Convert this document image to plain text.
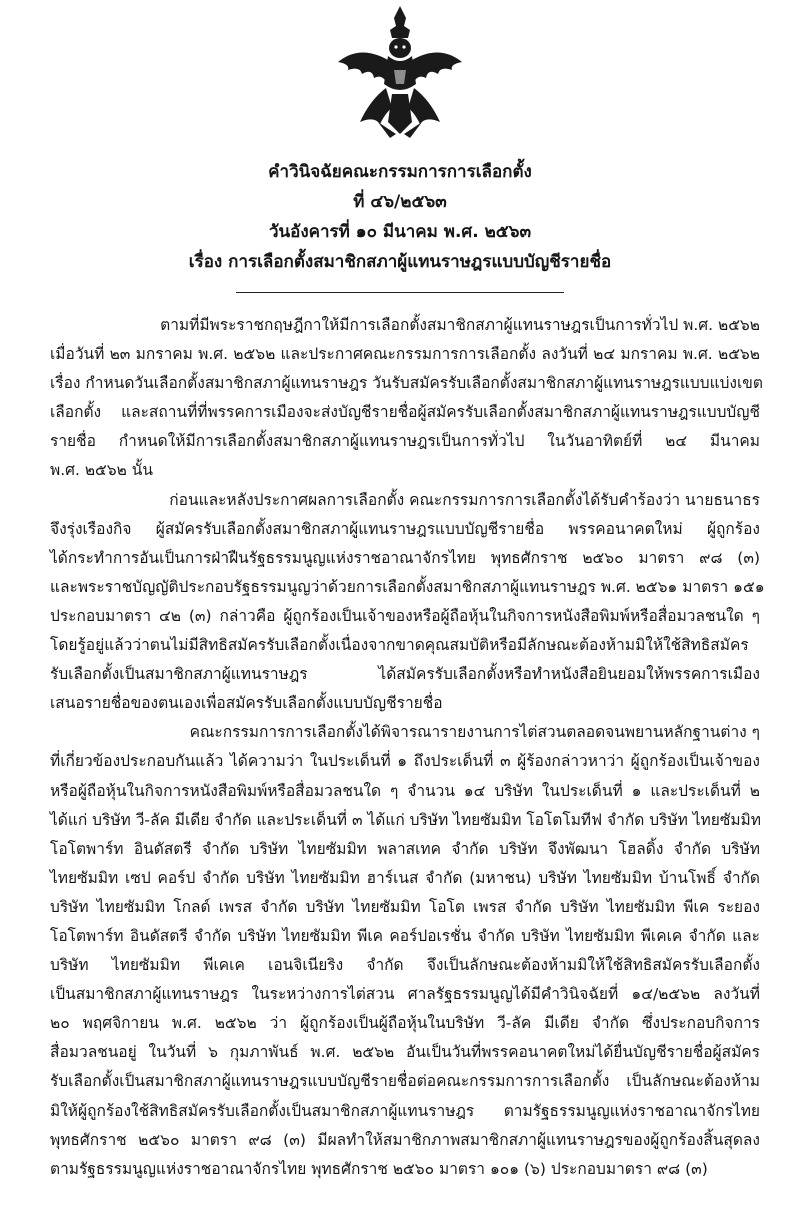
คำวินิจฉัยคณะกรรมการการเลือกตั้ง
ที่ ๔๖/๒๕๖๓
วันอังคารที่ ๑๐ มีนาคม พ.ศ. ๒๕๖๓
เรื่อง การเลือกตั้งสมาชิกสภาผู้แทนราษฎรแบบบัญชีรายชื่อ
ตามที่มีพระราชกฤษฎีกาให้มีการเลือกตั้งสมาชิกสภาผู้แทนราษฎรเป็นการทั่วไป พ.ศ. ๒๕๖๒
เมื่อวันที่ ๒๓ มกราคม พ.ศ. ๒๕๖๒ และประกาศคณะกรรมการการเลือกตั้ง ลงวันที่ ๒๔ มกราคม พ.ศ. ๒๕๖๒
เรื่อง กำหนดวันเลือกตั้งสมาชิกสภาผู้แทนราษฎร วันรับสมัครรับเลือกตั้งสมาชิกสภาผู้แทนราษฎรแบบแบ่งเขต
เลือกตั้ง และสถานที่ที่พรรคการเมืองจะส่งบัญชีรายชื่อผู้สมัครรับเลือกตั้งสมาชิกสภาผู้แทนราษฎรแบบบัญชี
รายชื่อ กำหนดให้มีการเลือกตั้งสมาชิกสภาผู้แทนราษฎรเป็นการทั่วไป ในวันอาทิตย์ที่ ๒๔ มีนาคม
พ.ศ. ๒๕๖๒ นั้น
ก่อนและหลังประกาศผลการเลือกตั้ง คณะกรรมการการเลือกตั้งได้รับคำร้องว่า นายธนาธร
จึงรุ่งเรืองกิจ ผู้สมัครรับเลือกตั้งสมาชิกสภาผู้แทนราษฎรแบบบัญชีรายชื่อ พรรคอนาคตใหม่ ผู้ถูกร้อง
ได้กระทำการอันเป็นการฝ่าฝืนรัฐธรรมนูญแห่งราชอาณาจักรไทย พุทธศักราช ๒๕๖๐ มาตรา ๙๘ (๓)
และพระราชบัญญัติประกอบรัฐธรรมนูญว่าด้วยการเลือกตั้งสมาชิกสภาผู้แทนราษฎร พ.ศ. ๒๕๖๑ มาตรา ๑๕๑
ประกอบมาตรา ๔๒ (๓) กล่าวคือ ผู้ถูกร้องเป็นเจ้าของหรือผู้ถือหุ้นในกิจการหนังสือพิมพ์หรือสื่อมวลชนใด ๆ
โดยรู้อยู่แล้วว่าตนไม่มีสิทธิสมัครรับเลือกตั้งเนื่องจากขาดคุณสมบัติหรือมีลักษณะต้องห้ามมิให้ใช้สิทธิสมัคร
รับเลือกตั้งเป็นสมาชิกสภาผู้แทนราษฎร ได้สมัครรับเลือกตั้งหรือทำหนังสือยินยอมให้พรรคการเมือง
เสนอรายชื่อของตนเองเพื่อสมัครรับเลือกตั้งแบบบัญชีรายชื่อ
คณะกรรมการการเลือกตั้งได้พิจารณารายงานการไต่สวนตลอดจนพยานหลักฐานต่าง ๆ
ที่เกี่ยวข้องประกอบกันแล้ว ได้ความว่า ในประเด็นที่ ๑ ถึงประเด็นที่ ๓ ผู้ร้องกล่าวหาว่า ผู้ถูกร้องเป็นเจ้าของ
หรือผู้ถือหุ้นในกิจการหนังสือพิมพ์หรือสื่อมวลชนใด ๆ จำนวน ๑๔ บริษัท ในประเด็นที่ ๑ และประเด็นที่ ๒
ได้แก่ บริษัท วี-ลัค มีเดีย จำกัด และประเด็นที่ ๓ ได้แก่ บริษัท ไทยซัมมิท โอโตโมทีฟ จำกัด บริษัท ไทยซัมมิท
โอโตพาร์ท อินดัสตรี จำกัด บริษัท ไทยซัมมิท พลาสเทค จำกัด บริษัท จึงพัฒนา โฮลดิ้ง จำกัด บริษัท
ไทยซัมมิท เซป คอร์ป จำกัด บริษัท ไทยซัมมิท ฮาร์เนส จำกัด (มหาชน) บริษัท ไทยซัมมิท บ้านโพธิ์ จำกัด
บริษัท ไทยซัมมิท โกลด์ เพรส จำกัด บริษัท ไทยซัมมิท โอโต เพรส จำกัด บริษัท ไทยซัมมิท พีเค ระยอง
โอโตพาร์ท อินดัสตรี จำกัด บริษัท ไทยซัมมิท พีเค คอร์ปอเรชั่น จำกัด บริษัท ไทยซัมมิท พีเคเค จำกัด และ
บริษัท ไทยซัมมิท พีเคเค เอนจิเนียริง จำกัด จึงเป็นลักษณะต้องห้ามมิให้ใช้สิทธิสมัครรับเลือกตั้ง
เป็นสมาชิกสภาผู้แทนราษฎร ในระหว่างการไต่สวน ศาลรัฐธรรมนูญได้มีคำวินิจฉัยที่ ๑๔/๒๕๖๒ ลงวันที่
๒๐ พฤศจิกายน พ.ศ. ๒๕๖๒ ว่า ผู้ถูกร้องเป็นผู้ถือหุ้นในบริษัท วี-ลัค มีเดีย จำกัด ซึ่งประกอบกิจการ
สื่อมวลชนอยู่ ในวันที่ ๖ กุมภาพันธ์ พ.ศ. ๒๕๖๒ อันเป็นวันที่พรรคอนาคตใหม่ได้ยื่นบัญชีรายชื่อผู้สมัคร
รับเลือกตั้งเป็นสมาชิกสภาผู้แทนราษฎรแบบบัญชีรายชื่อต่อคณะกรรมการการเลือกตั้ง เป็นลักษณะต้องห้าม
มิให้ผู้ถูกร้องใช้สิทธิสมัครรับเลือกตั้งเป็นสมาชิกสภาผู้แทนราษฎร ตามรัฐธรรมนูญแห่งราชอาณาจักรไทย
พุทธศักราช ๒๕๖๐ มาตรา ๙๘ (๓) มีผลทำให้สมาชิกภาพสมาชิกสภาผู้แทนราษฎรของผู้ถูกร้องสิ้นสุดลง
ตามรัฐธรรมนูญแห่งราชอาณาจักรไทย พุทธศักราช ๒๕๖๐ มาตรา ๑๐๑ (๖) ประกอบมาตรา ๙๘ (๓)
